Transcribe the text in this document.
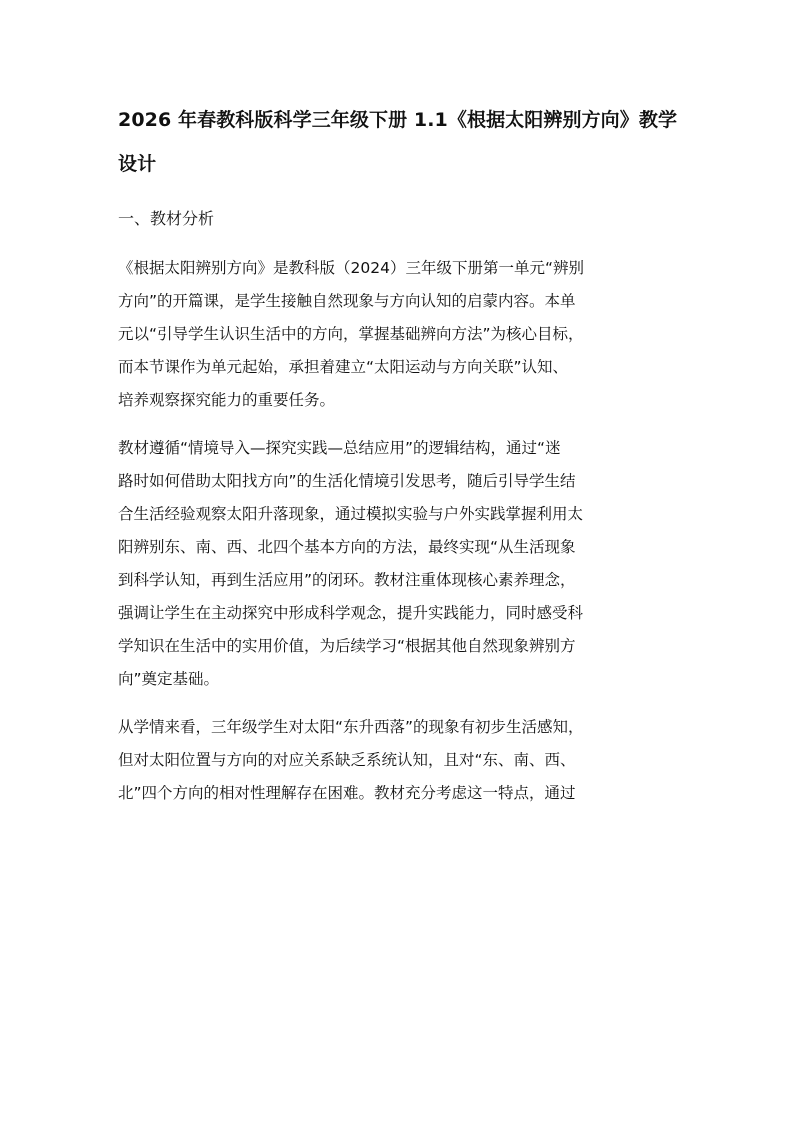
2026 年春教科版科学三年级下册 1.1《根据太阳辨别方向》教学
设计
一、教材分析

《根据太阳辨别方向》是教科版（2024）三年级下册第一单元“辨别
方向”的开篇课，是学生接触自然现象与方向认知的启蒙内容。本单
元以“引导学生认识生活中的方向，掌握基础辨向方法”为核心目标，
而本节课作为单元起始，承担着建立“太阳运动与方向关联”认知、
培养观察探究能力的重要任务。

教材遵循“情境导入—探究实践—总结应用”的逻辑结构，通过“迷
路时如何借助太阳找方向”的生活化情境引发思考，随后引导学生结
合生活经验观察太阳升落现象，通过模拟实验与户外实践掌握利用太
阳辨别东、南、西、北四个基本方向的方法，最终实现“从生活现象
到科学认知，再到生活应用”的闭环。教材注重体现核心素养理念，
强调让学生在主动探究中形成科学观念，提升实践能力，同时感受科
学知识在生活中的实用价值，为后续学习“根据其他自然现象辨别方
向”奠定基础。

从学情来看，三年级学生对太阳“东升西落”的现象有初步生活感知，
但对太阳位置与方向的对应关系缺乏系统认知，且对“东、南、西、
北”四个方向的相对性理解存在困难。教材充分考虑这一特点，通过
